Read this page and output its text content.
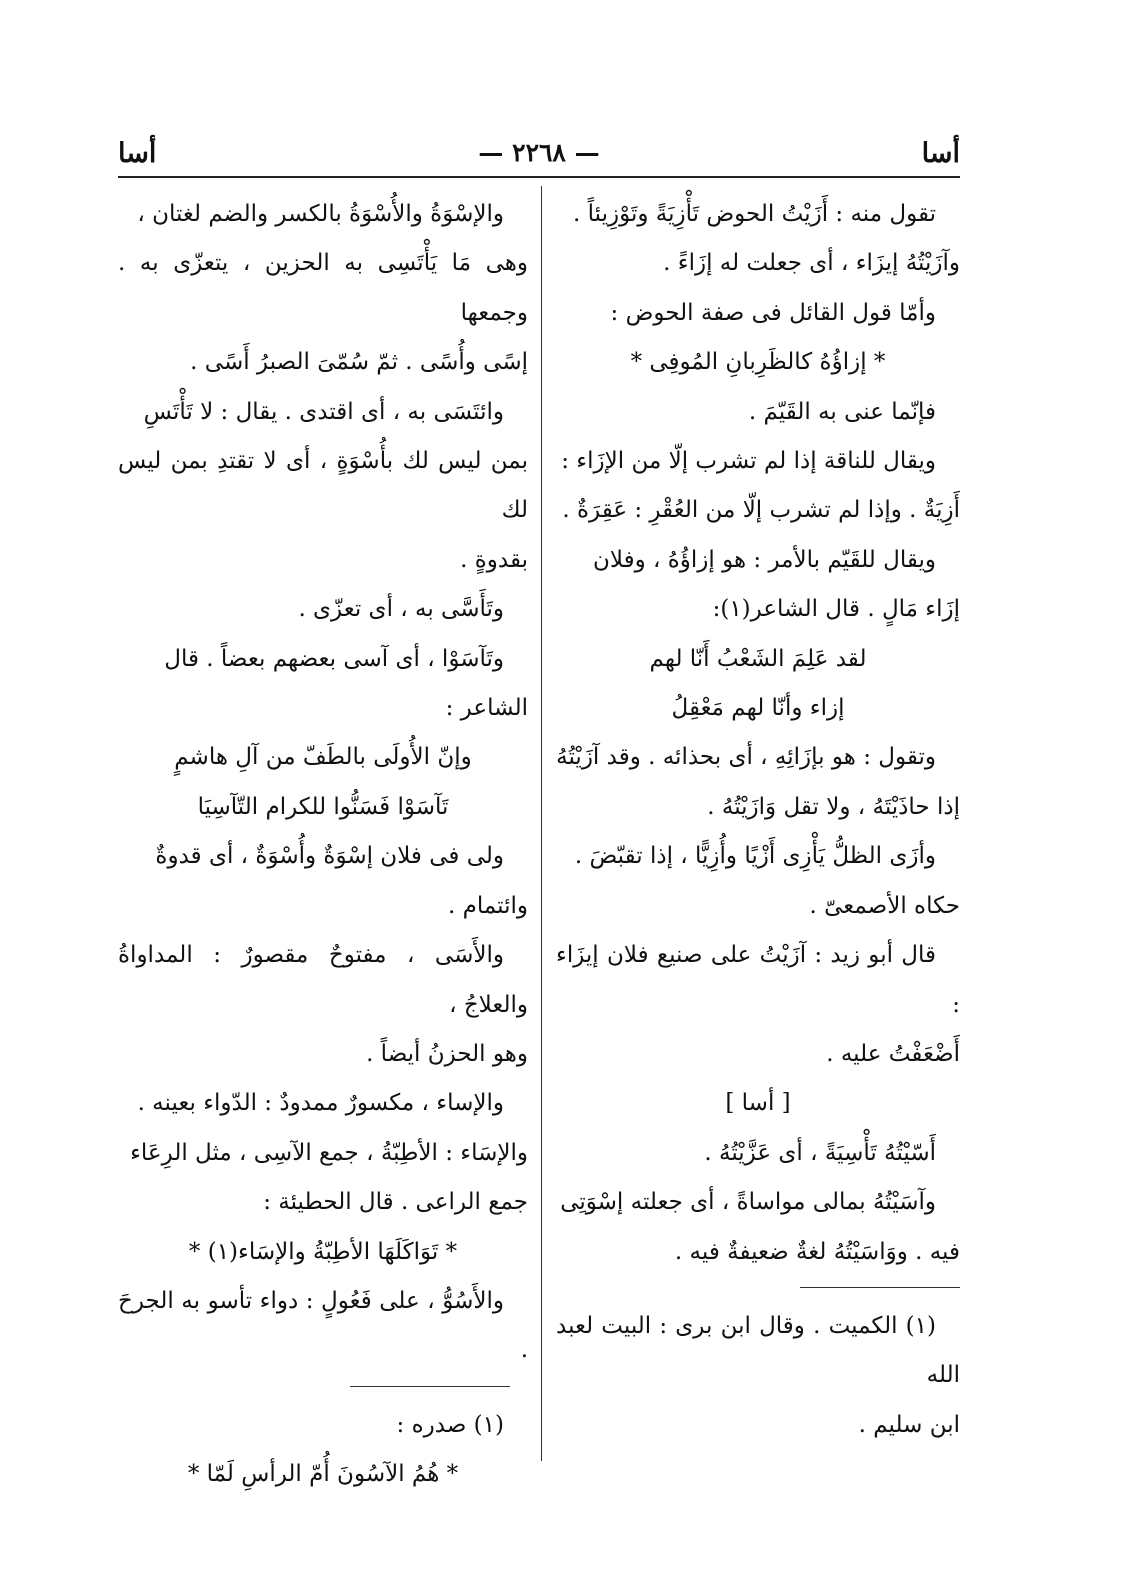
أسا
— ٢٢٦٨ —
أسا

تقول منه : أَزَيْتُ الحوض تَأْزِيَةً وتَوْزِيئاً .

وآزَيْتُهُ إيزَاء ، أى جعلت له إزَاءً .

وأمّا قول القائل فى صفة الحوض :

* إزاؤُهُ كالظَرِبانِ المُوفِى *

فإنّما عنى به القَيّمَ .

ويقال للناقة إذا لم تشرب إلّا من الإزَاء :

أَزِيَةٌ . وإذا لم تشرب إلّا من العُقْرِ : عَقِرَةٌ .

ويقال للقَيّم بالأمر : هو إزاؤُهُ ، وفلان

إزَاء مَالٍ . قال الشاعر(١):

لقد عَلِمَ الشَعْبُ أَنّا لهم

إزاء وأنّا لهم مَعْقِلُ

وتقول : هو بإزَائِهِ ، أى بحذائه . وقد آزَيْتُهُ

إذا حاذَيْتَهُ ، ولا تقل وَازَيْتُهُ .

وأزَى الظلُّ يَأْزِى أَزْيًا وأُزِيًّا ، إذا تقبّضَ .

حكاه الأصمعىّ .

قال أبو زيد : آزَيْتُ على صنيع فلان إيزَاء :

أَضْعَفْتُ عليه .

[ أسا ]

أَسّيْتُهُ تَأْسِيَةً ، أى عَزَّيْتُهُ .

وآسَيْتُهُ بمالى مواساةً ، أى جعلته إسْوَتِى

فيه . ووَاسَيْتُهُ لغةٌ ضعيفةٌ فيه .

(١) الكميت . وقال ابن برى : البيت لعبد الله

ابن سليم .

والإسْوَةُ والأُسْوَةُ بالكسر والضم لغتان ،

وهى مَا يَأْتَسِى به الحزين ، يتعزّى به . وجمعها

إسًى وأُسًى . ثمّ سُمّىَ الصبرُ أَسًى .

وائتَسَى به ، أى اقتدى . يقال : لا تَأْتَسِ

بمن ليس لك بأُسْوَةٍ ، أى لا تقتدِ بمن ليس لك

بقدوةٍ .

وتَأَسَّى به ، أى تعزّى .

وتَآسَوْا ، أى آسى بعضهم بعضاً . قال

الشاعر :

وإنّ الأُولَى بالطَفّ من آلِ هاشمٍ

تَآسَوْا فَسَنُّوا للكرام التّآسِيَا

ولى فى فلان إسْوَةٌ وأُسْوَةٌ ، أى قدوةٌ

وائتمام .

والأَسَى ، مفتوحٌ مقصورٌ : المداواةُ والعلاجُ ،

وهو الحزنُ أيضاً .

والإساء ، مكسورٌ ممدودٌ : الدّواء بعينه .

والإسَاء : الأطِبّةُ ، جمع الآسِى ، مثل الرِعَاء

جمع الراعى . قال الحطيئة :

* تَوَاكَلَهَا الأطِبّةُ والإسَاء(١) *

والأَسُوُّ ، على فَعُولٍ : دواء تأسو به الجرحَ .

(١) صدره :

* هُمُ الآسُونَ أُمّ الرأسِ لَمّا *
